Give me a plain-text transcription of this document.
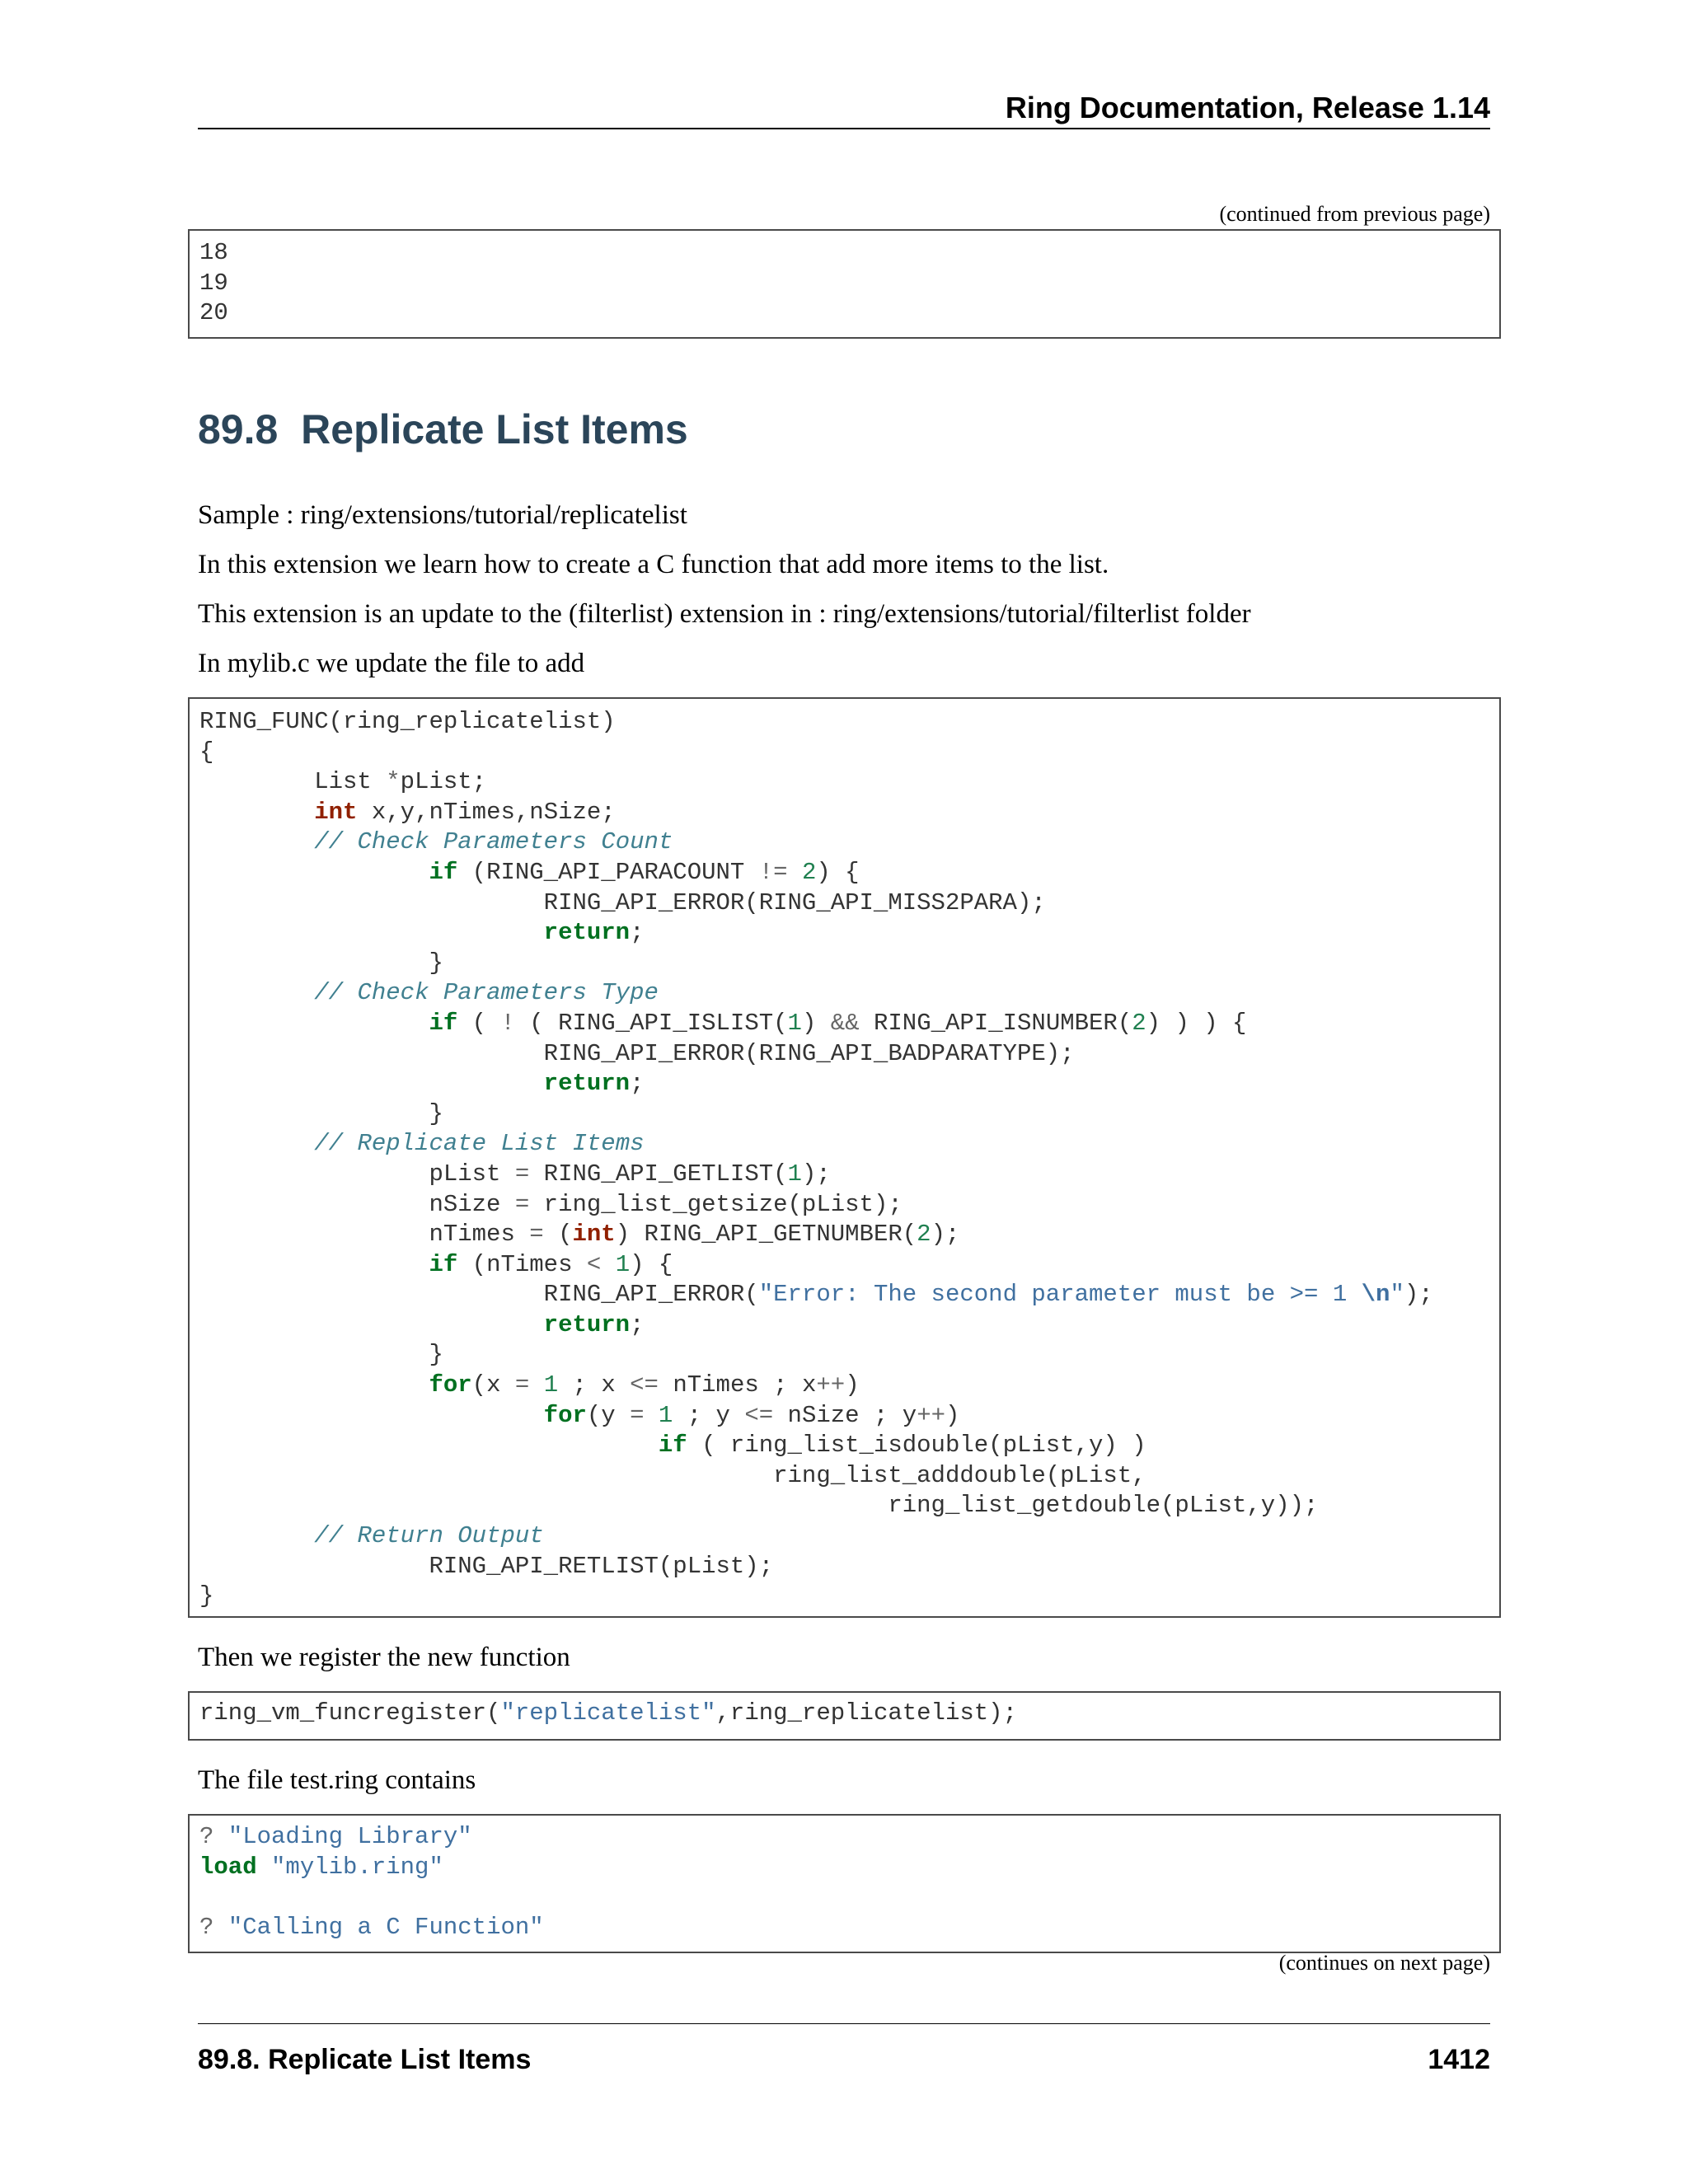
Ring Documentation, Release 1.14
(continued from previous page)
18
19
20
89.8 Replicate List Items
Sample : ring/extensions/tutorial/replicatelist
In this extension we learn how to create a C function that add more items to the list.
This extension is an update to the (filterlist) extension in : ring/extensions/tutorial/filterlist folder
In mylib.c we update the file to add
RING_FUNC(ring_replicatelist)
{
List *pList;
int x,y,nTimes,nSize;
// Check Parameters Count
if (RING_API_PARACOUNT != 2) {
RING_API_ERROR(RING_API_MISS2PARA);
return;
}
// Check Parameters Type
if ( ! ( RING_API_ISLIST(1) && RING_API_ISNUMBER(2) ) ) {
RING_API_ERROR(RING_API_BADPARATYPE);
return;
}
// Replicate List Items
pList = RING_API_GETLIST(1);
nSize = ring_list_getsize(pList);
nTimes = (int) RING_API_GETNUMBER(2);
if (nTimes < 1) {
RING_API_ERROR("Error: The second parameter must be >= 1 \n");
return;
}
for(x = 1 ; x <= nTimes ; x++)
for(y = 1 ; y <= nSize ; y++)
if ( ring_list_isdouble(pList,y) )
ring_list_adddouble(pList,
ring_list_getdouble(pList,y));
// Return Output
RING_API_RETLIST(pList);
}
Then we register the new function
ring_vm_funcregister("replicatelist",ring_replicatelist);
The file test.ring contains
? "Loading Library"
load "mylib.ring"

? "Calling a C Function"
(continues on next page)
89.8. Replicate List Items	1412
